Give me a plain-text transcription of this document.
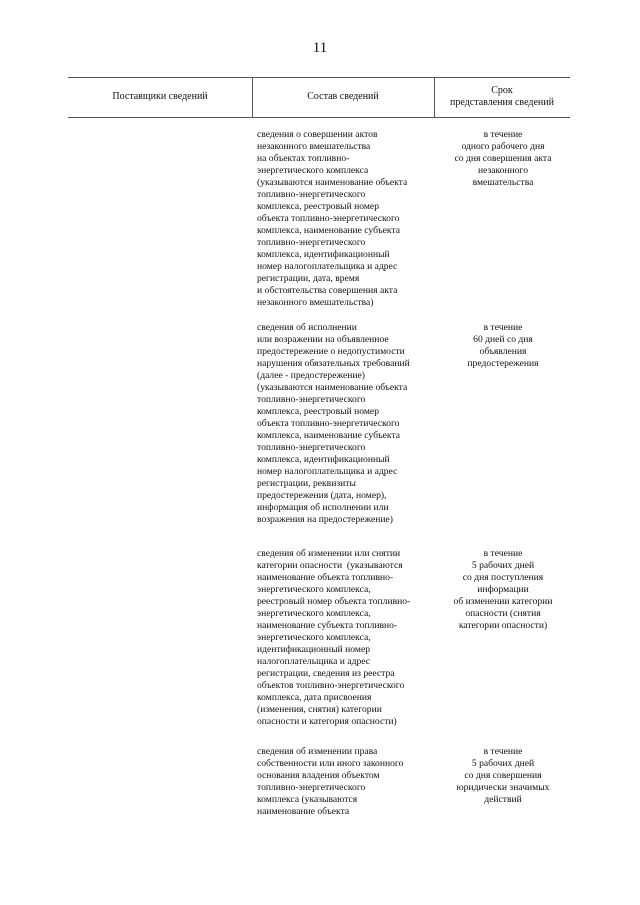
11
Поставщики сведений	Состав сведений
Срок
представления сведений
сведения о совершении актов
незаконного вмешательства
на объектах топливно-
энергетического комплекса
(указываются наименование объекта
топливно-энергетического
комплекса, реестровый номер
объекта топливно-энергетического
комплекса, наименование субъекта
топливно-энергетического
комплекса, идентификационный
номер налогоплательщика и адрес
регистрации, дата, время
и обстоятельства совершения акта
незаконного вмешательства)
в течение
одного рабочего дня
со дня совершения акта
незаконного
вмешательства
сведения об исполнении
или возражении на объявленное
предостережение о недопустимости
нарушения обязательных требований
(далее - предостережение)
(указываются наименование объекта
топливно-энергетического
комплекса, реестровый номер
объекта топливно-энергетического
комплекса, наименование субъекта
топливно-энергетического
комплекса, идентификационный
номер налогоплательщика и адрес
регистрации, реквизиты
предостережения (дата, номер),
информация об исполнении или
возражения на предостережение)
в течение
60 дней со дня
объявления
предостережения
сведения об изменении или снятии
категории опасности  (указываются
наименование объекта топливно-
энергетического комплекса,
реестровый номер объекта топливно-
энергетического комплекса,
наименование субъекта топливно-
энергетического комплекса,
идентификационный номер
налогоплательщика и адрес
регистрации, сведения из реестра
объектов топливно-энергетического
комплекса, дата присвоения
(изменения, снятия) категории
опасности и категория опасности)
в течение
5 рабочих дней
со дня поступления
информации
об изменении категории
опасности (снятия
категории опасности)
сведения об изменении права
собственности или иного законного
основания владения объектом
топливно-энергетического
комплекса (указываются
наименование объекта
в течение
5 рабочих дней
со дня совершения
юридически значимых
действий
